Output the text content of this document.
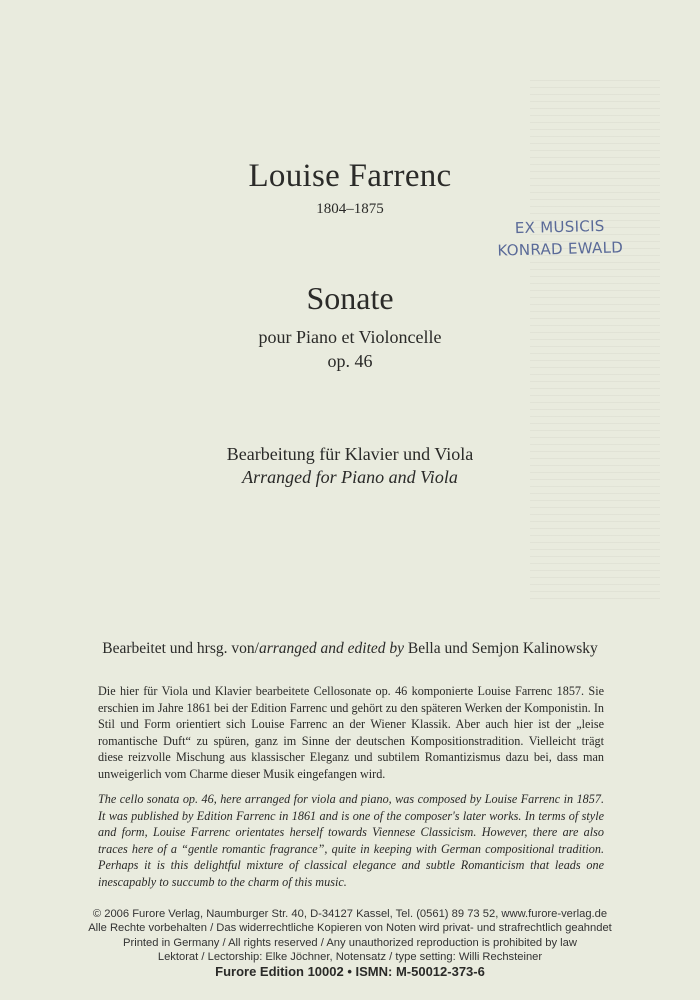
Louise Farrenc
1804–1875
EX MUSICIS
KONRAD EWALD
Sonate
pour Piano et Violoncelle
op. 46
Bearbeitung für Klavier und Viola
Arranged for Piano and Viola
Bearbeitet und hrsg. von/arranged and edited by Bella und Semjon Kalinowsky
Die hier für Viola und Klavier bearbeitete Cellosonate op. 46 komponierte Louise Farrenc 1857. Sie erschien im Jahre 1861 bei der Edition Farrenc und gehört zu den späteren Werken der Komponistin. In Stil und Form orientiert sich Louise Farrenc an der Wiener Klassik. Aber auch hier ist der „leise romantische Duft“ zu spüren, ganz im Sinne der deutschen Kompositionstradition. Vielleicht trägt diese reizvolle Mischung aus klassischer Eleganz und subtilem Romantizismus dazu bei, dass man unweigerlich vom Charme dieser Musik eingefangen wird.
The cello sonata op. 46, here arranged for viola and piano, was composed by Louise Farrenc in 1857. It was published by Edition Farrenc in 1861 and is one of the composer's later works. In terms of style and form, Louise Farrenc orientates herself towards Viennese Classicism. However, there are also traces here of a “gentle romantic fragrance”, quite in keeping with German compositional tradition. Perhaps it is this delightful mixture of classical elegance and subtle Romanticism that leads one inescapably to succumb to the charm of this music.
© 2006 Furore Verlag, Naumburger Str. 40, D-34127 Kassel, Tel. (0561) 89 73 52, www.furore-verlag.de
Alle Rechte vorbehalten / Das widerrechtliche Kopieren von Noten wird privat- und strafrechtlich geahndet
Printed in Germany / All rights reserved / Any unauthorized reproduction is prohibited by law
Lektorat / Lectorship: Elke Jöchner, Notensatz / type setting: Willi Rechsteiner
Furore Edition 10002 • ISMN: M-50012-373-6
